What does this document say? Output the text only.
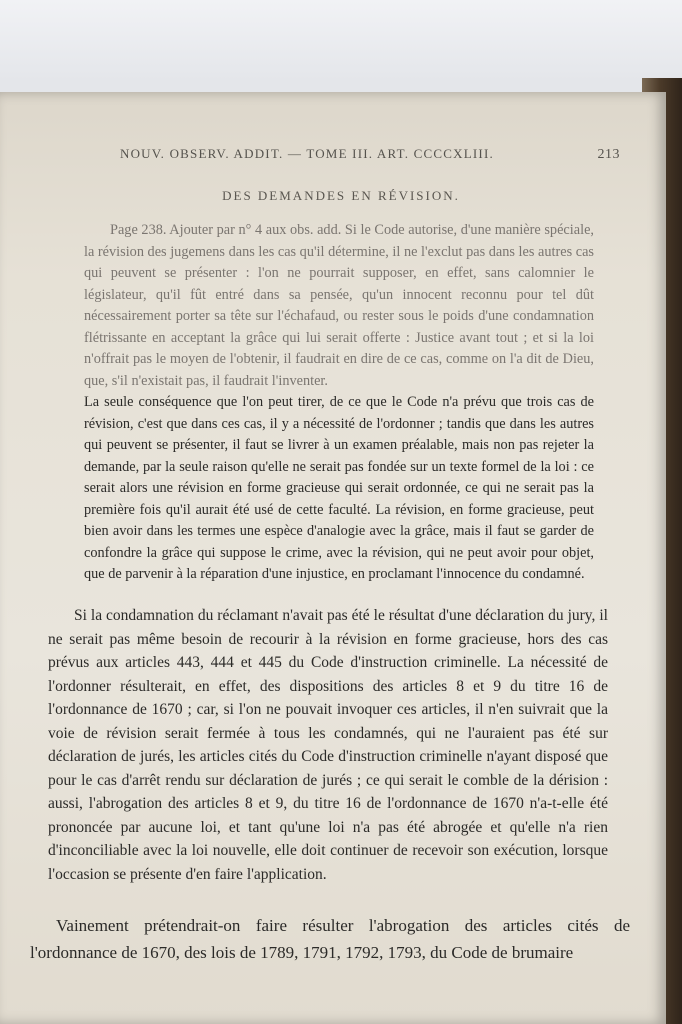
NOUV. OBSERV. ADDIT. — TOME III. ART. CCCCXLIII.	213
DES DEMANDES EN RÉVISION.

Page 238. Ajouter par n° 4 aux obs. add. Si le Code autorise, d'une manière spéciale, la révision des jugemens dans les cas qu'il détermine, il ne l'exclut pas dans les autres cas qui peuvent se présenter : l'on ne pourrait supposer, en effet, sans calomnier le législateur, qu'il fût entré dans sa pensée, qu'un innocent reconnu pour tel dût nécessairement porter sa tête sur l'échafaud, ou rester sous le poids d'une condamnation flétrissante en acceptant la grâce qui lui serait offerte : Justice avant tout ; et si la loi n'offrait pas le moyen de l'obtenir, il faudrait en dire de ce cas, comme on l'a dit de Dieu, que, s'il n'existait pas, il faudrait l'inventer.

La seule conséquence que l'on peut tirer, de ce que le Code n'a prévu que trois cas de révision, c'est que dans ces cas, il y a nécessité de l'ordonner ; tandis que dans les autres qui peuvent se présenter, il faut se livrer à un examen préalable, mais non pas rejeter la demande, par la seule raison qu'elle ne serait pas fondée sur un texte formel de la loi : ce serait alors une révision en forme gracieuse qui serait ordonnée, ce qui ne serait pas la première fois qu'il aurait été usé de cette faculté. La révision, en forme gracieuse, peut bien avoir dans les termes une espèce d'analogie avec la grâce, mais il faut se garder de confondre la grâce qui suppose le crime, avec la révision, qui ne peut avoir pour objet, que de parvenir à la réparation d'une injustice, en proclamant l'innocence du condamné.

Si la condamnation du réclamant n'avait pas été le résultat d'une déclaration du jury, il ne serait pas même besoin de recourir à la révision en forme gracieuse, hors des cas prévus aux articles 443, 444 et 445 du Code d'instruction criminelle. La nécessité de l'ordonner résulterait, en effet, des dispositions des articles 8 et 9 du titre 16 de l'ordonnance de 1670 ; car, si l'on ne pouvait invoquer ces articles, il n'en suivrait que la voie de révision serait fermée à tous les condamnés, qui ne l'auraient pas été sur déclaration de jurés, les articles cités du Code d'instruction criminelle n'ayant disposé que pour le cas d'arrêt rendu sur déclaration de jurés ; ce qui serait le comble de la dérision : aussi, l'abrogation des articles 8 et 9, du titre 16 de l'ordonnance de 1670 n'a-t-elle été prononcée par aucune loi, et tant qu'une loi n'a pas été abrogée et qu'elle n'a rien d'inconciliable avec la loi nouvelle, elle doit continuer de recevoir son exécution, lorsque l'occasion se présente d'en faire l'application.

Vainement prétendrait-on faire résulter l'abrogation des articles cités de l'ordonnance de 1670, des lois de 1789, 1791, 1792, 1793, du Code de brumaire
